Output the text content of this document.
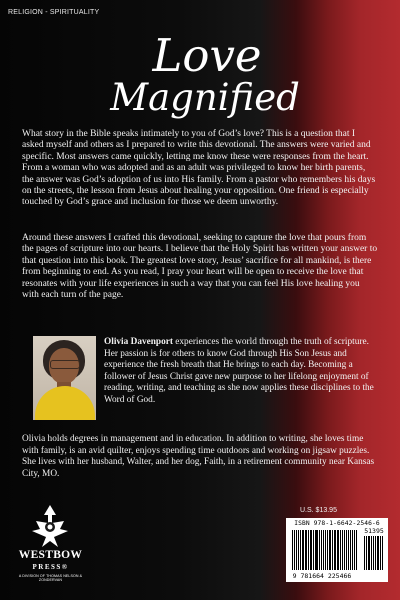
RELIGION - SPIRITUALITY
Love
Magnified

What story in the Bible speaks intimately to you of God’s love? This is a question that I asked myself and others as I prepared to write this devotional. The answers were varied and specific. Most answers came quickly, letting me know these were responses from the heart. From a woman who was adopted and as an adult was privileged to know her birth parents, the answer was God’s adoption of us into His family. From a pastor who remembers his days on the streets, the lesson from Jesus about healing your opposition. One friend is especially touched by God’s grace and inclusion for those we deem unworthy.

Around these answers I crafted this devotional, seeking to capture the love that pours from the pages of scripture into our hearts. I believe that the Holy Spirit has written your answer to that question into this book. The greatest love story, Jesus’ sacrifice for all mankind, is there from beginning to end. As you read, I pray your heart will be open to receive the love that resonates with your life experiences in such a way that you can feel His love healing you with each turn of the page.

Olivia Davenport experiences the world through the truth of scripture. Her passion is for others to know God through His Son Jesus and experience the fresh breath that He brings to each day. Becoming a follower of Jesus Christ gave new purpose to her lifelong enjoyment of reading, writing, and teaching as she now applies these disciplines to the Word of God.

Olivia holds degrees in management and in education. In addition to writing, she loves time with family, is an avid quilter, enjoys spending time outdoors and working on jigsaw puzzles. She lives with her husband, Walter, and her dog, Faith, in a retirement community near Kansas City, MO.

U.S. $13.95
ISBN 978-1-6642-2546-6
51395
9 781664 225466
WESTBOW
PRESS®
A DIVISION OF THOMAS NELSON & ZONDERVAN
